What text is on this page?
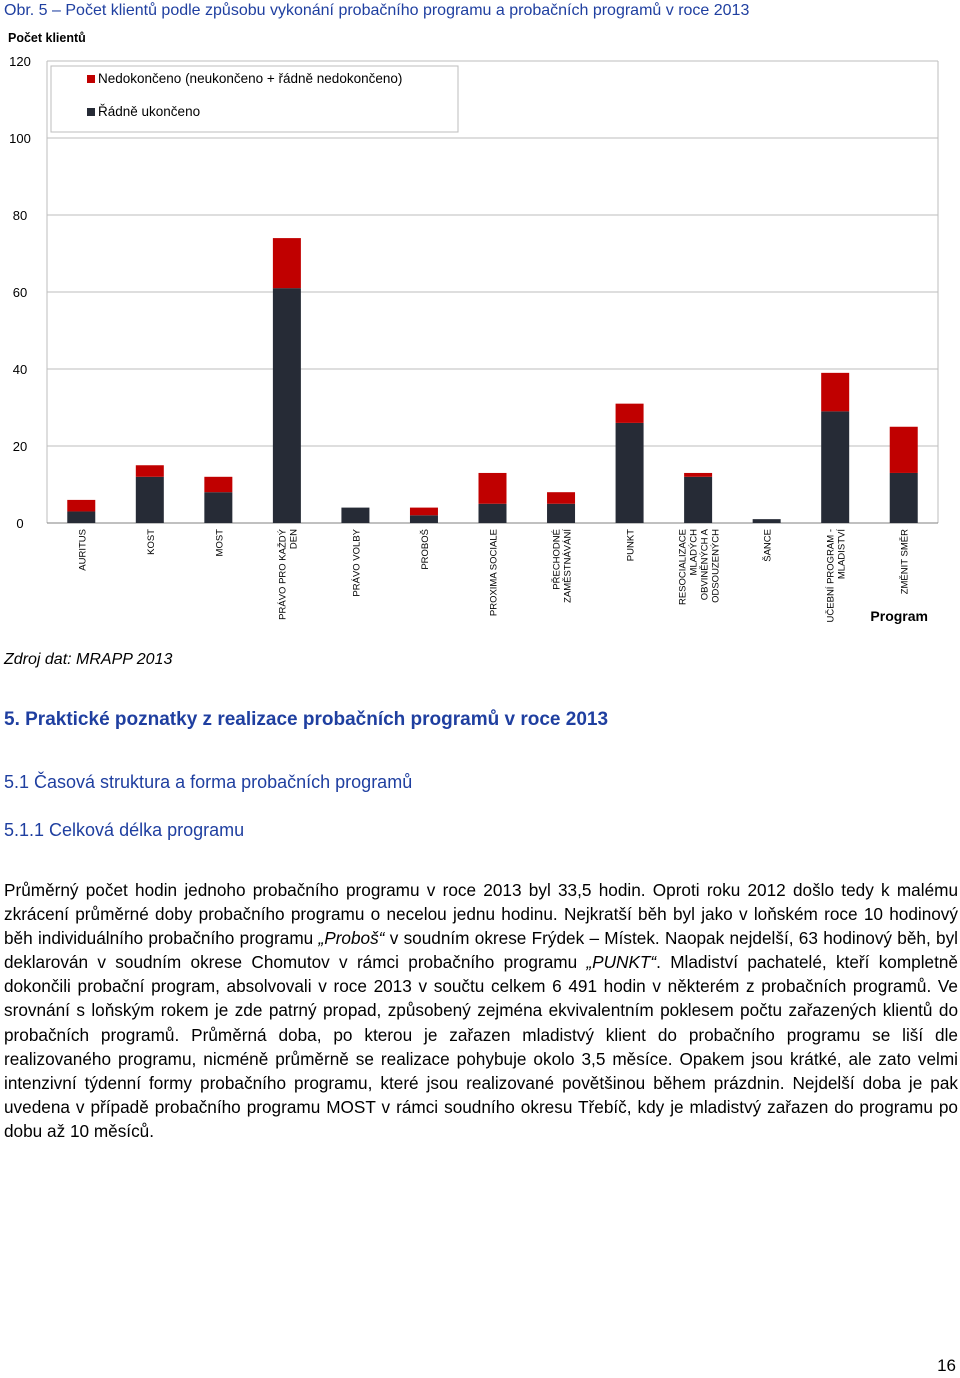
Obr. 5 – Počet klientů podle způsobu vykonání probačního programu a probačních programů v roce 2013
0
20
40
60
80
100
120
AURITUS	KOST	MOST	PRÁVO PRO KAŽDÝ DEN	PRÁVO VOLBY	PROBOŠ	PROXIMA SOCIALE	PŘECHODNÉ ZAMĚSTNÁVÁNÍ	PUNKT	RESOCIALIZACE MLADÝCH OBVINĚNÝCH A ODSOUZENÝCH	ŠANCE	UČEBNÍ PROGRAM - MLADISTVÍ	ZMĚNIT SMĚR
Nedokončeno (neukončeno + řádně nedokončeno)
Řádně ukončeno
Počet klientů
Program
Zdroj dat: MRAPP 2013
5. Praktické poznatky z realizace probačních programů v roce 2013
5.1 Časová struktura a forma probačních programů
5.1.1 Celková délka programu

Průměrný počet hodin jednoho probačního programu v roce 2013 byl 33,5 hodin. Oproti roku 2012 došlo tedy k malému zkrácení průměrné doby probačního programu o necelou jednu hodinu. Nejkratší běh byl jako v loňském roce 10 hodinový běh individuálního probačního programu „Proboš“ v soudním okrese Frýdek – Místek. Naopak nejdelší, 63 hodinový běh, byl deklarován v soudním okrese Chomutov v rámci probačního programu „PUNKT“. Mladiství pachatelé, kteří kompletně dokončili probační program, absolvovali v roce 2013 v součtu celkem 6 491 hodin v některém z probačních programů. Ve srovnání s loňským rokem je zde patrný propad, způsobený zejména ekvivalentním poklesem počtu zařazených klientů do probačních programů. Průměrná doba, po kterou je zařazen mladistvý klient do probačního programu se liší dle realizovaného programu, nicméně průměrně se realizace pohybuje okolo 3,5 měsíce. Opakem jsou krátké, ale zato velmi intenzivní týdenní formy probačního programu, které jsou realizované povětšinou během prázdnin. Nejdelší doba je pak uvedena v případě probačního programu MOST v rámci soudního okresu Třebíč, kdy je mladistvý zařazen do programu po dobu až 10 měsíců.

16
